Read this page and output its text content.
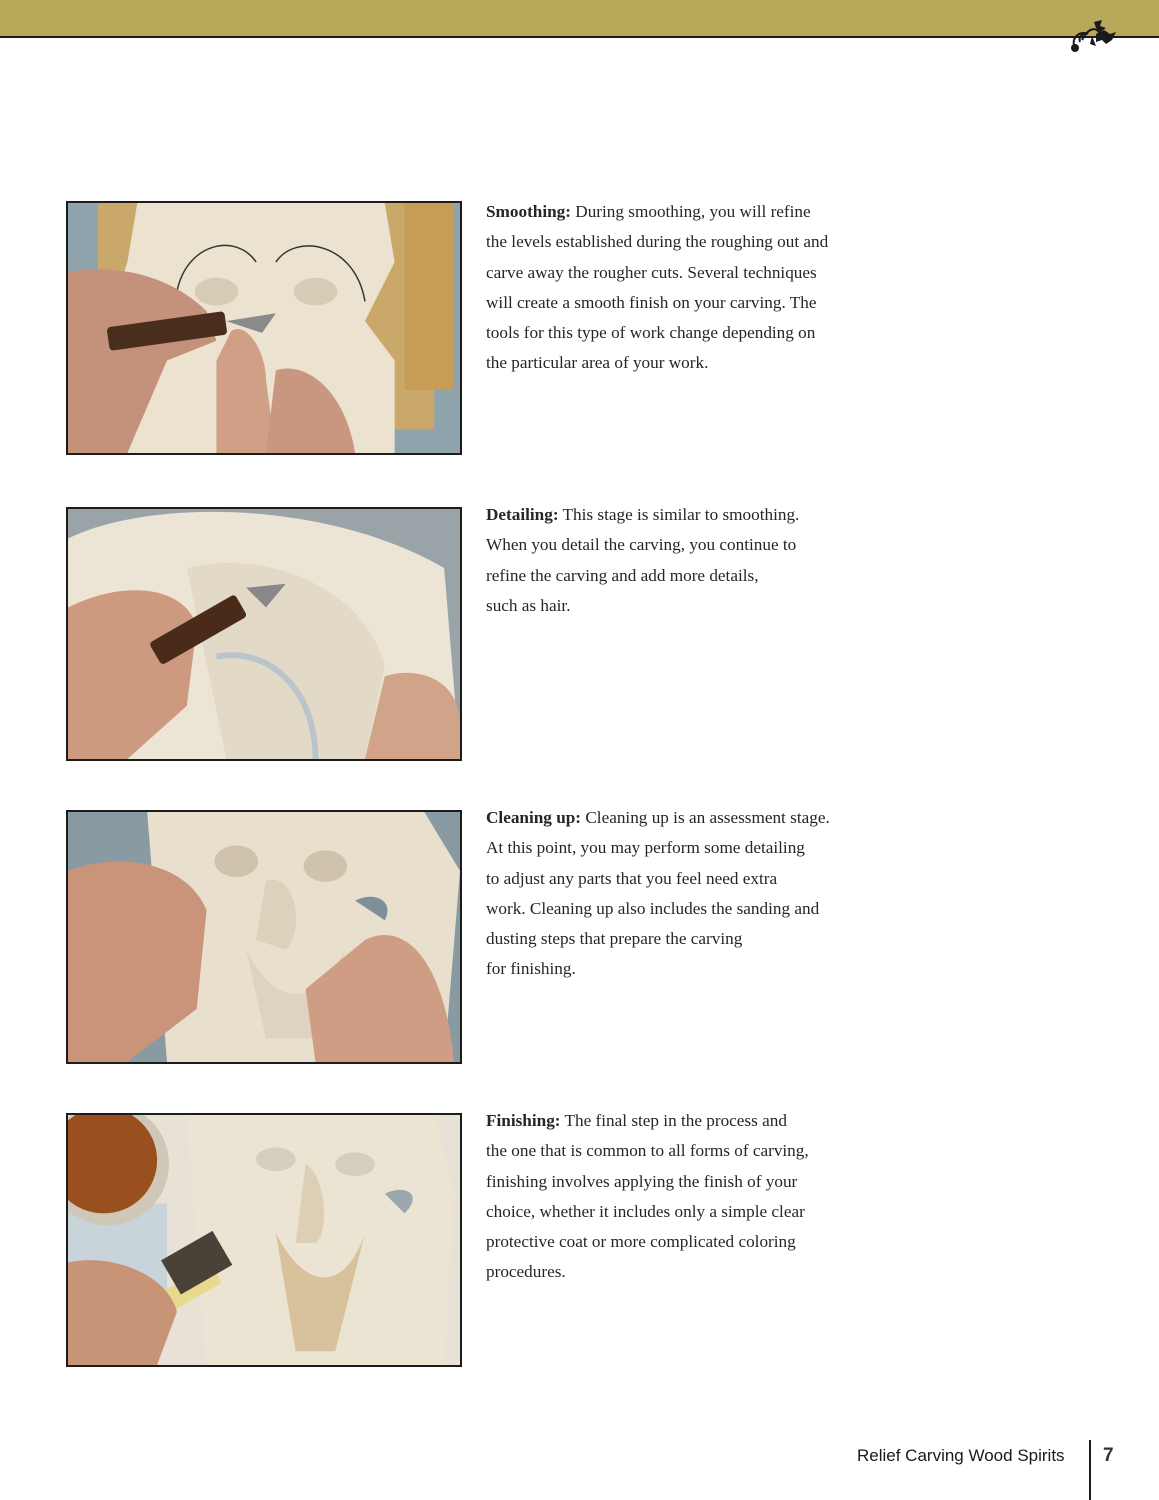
Smoothing: During smoothing, you will refine
the levels established during the roughing out and
carve away the rougher cuts. Several techniques
will create a smooth finish on your carving. The
tools for this type of work change depending on
the particular area of your work.

Detailing: This stage is similar to smoothing.
When you detail the carving, you continue to
refine the carving and add more details,
such as hair.

Cleaning up: Cleaning up is an assessment stage.
At this point, you may perform some detailing
to adjust any parts that you feel need extra
work. Cleaning up also includes the sanding and
dusting steps that prepare the carving
for finishing.

Finishing: The final step in the process and
the one that is common to all forms of carving,
finishing involves applying the finish of your
choice, whether it includes only a simple clear
protective coat or more complicated coloring
procedures.

Relief Carving Wood Spirits 7
